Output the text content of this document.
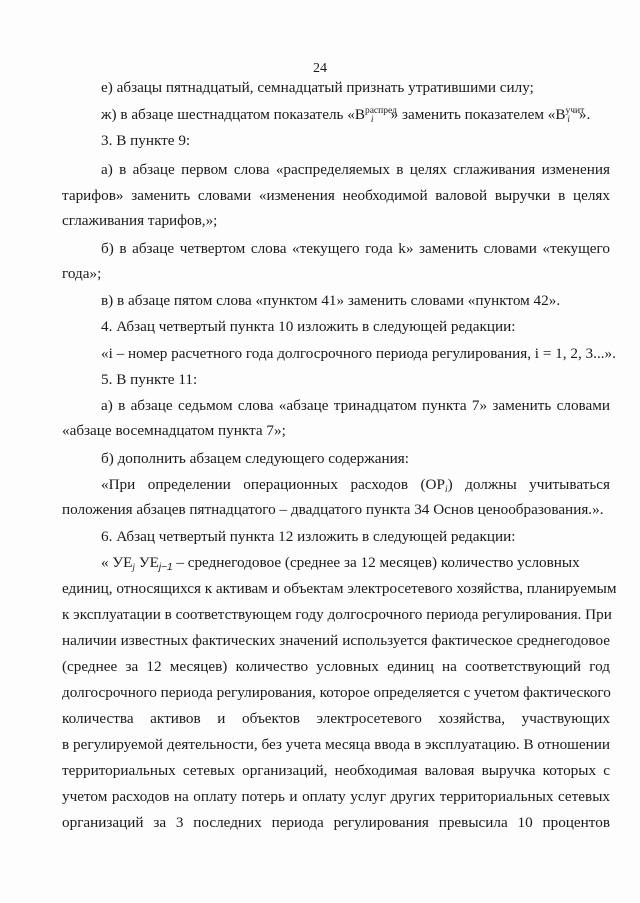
24
е) абзацы пятнадцатый, семнадцатый признать утратившими силу;
ж) в абзаце шестнадцатом показатель «$B^{распред}_i$ » заменить показателем «$B^{учит}_i$ ».
3. В пункте 9:
а) в абзаце первом слова «распределяемых в целях сглаживания изменения
тарифов» заменить словами «изменения необходимой валовой выручки в целях
сглаживания тарифов,»;
б) в абзаце четвертом слова «текущего года k» заменить словами «текущего
года»;
в) в абзаце пятом слова «пунктом 41» заменить словами «пунктом 42».
4. Абзац четвертый пункта 10 изложить в следующей редакции:
«i – номер расчетного года долгосрочного периода регулирования, i = 1, 2, 3...».
5. В пункте 11:
а) в абзаце седьмом слова «абзаце тринадцатом пункта 7» заменить словами
«абзаце восемнадцатом пункта 7»;
б) дополнить абзацем следующего содержания:
«При определении операционных расходов $(OP_i)$ должны учитываться
положения абзацев пятнадцатого – двадцатого пункта 34 Основ ценообразования.».
6. Абзац четвертый пункта 12 изложить в следующей редакции:
« $УЕ_j$ $УЕ_{j-1}$ – среднегодовое (среднее за 12 месяцев) количество условных
единиц, относящихся к активам и объектам электросетевого хозяйства, планируемым
к эксплуатации в соответствующем году долгосрочного периода регулирования. При
наличии известных фактических значений используется фактическое среднегодовое
(среднее за 12 месяцев) количество условных единиц на соответствующий год
долгосрочного периода регулирования, которое определяется с учетом фактического
количества активов и объектов электросетевого хозяйства, участвующих
в регулируемой деятельности, без учета месяца ввода в эксплуатацию. В отношении
территориальных сетевых организаций, необходимая валовая выручка которых с
учетом расходов на оплату потерь и оплату услуг других территориальных сетевых
организаций за 3 последних периода регулирования превысила 10 процентов
